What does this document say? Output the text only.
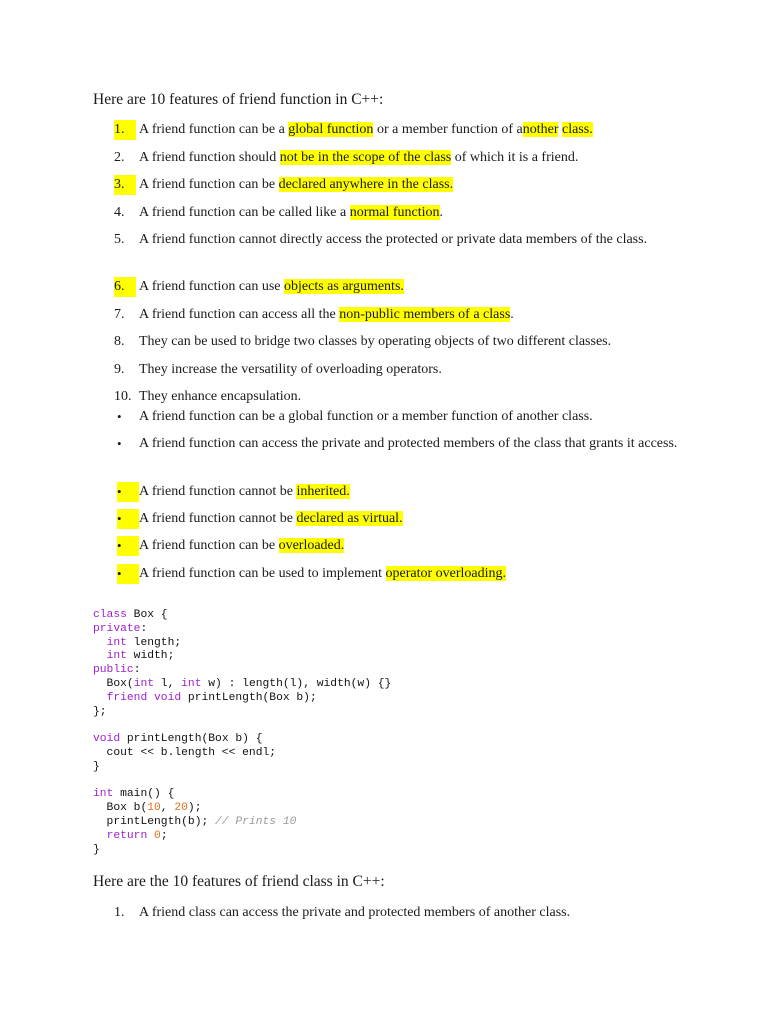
Here are 10 features of friend function in C++:
1.	A friend function can be a global function or a member function of another class.
2.	A friend function should not be in the scope of the class of which it is a friend.
3.	A friend function can be declared anywhere in the class.
4.	A friend function can be called like a normal function.
5.	A friend function cannot directly access the protected or private data members of the class.
6.	A friend function can use objects as arguments.
7.	A friend function can access all the non-public members of a class.
8.	They can be used to bridge two classes by operating objects of two different classes.
9.	They increase the versatility of overloading operators.
10. They enhance encapsulation.
•	A friend function can be a global function or a member function of another class.
•	A friend function can access the private and protected members of the class that grants it access.
•	A friend function cannot be inherited.
•	A friend function cannot be declared as virtual.
•	A friend function can be overloaded.
•	A friend function can be used to implement operator overloading.
class Box {
private:
int length;
int width;
public:
Box(int l, int w) : length(l), width(w) {}
friend void printLength(Box b);
};

void printLength(Box b) {
cout << b.length << endl;
}

int main() {
Box b(10, 20);
printLength(b); // Prints 10
return 0;
}
Here are the 10 features of friend class in C++:
1.	A friend class can access the private and protected members of another class.
